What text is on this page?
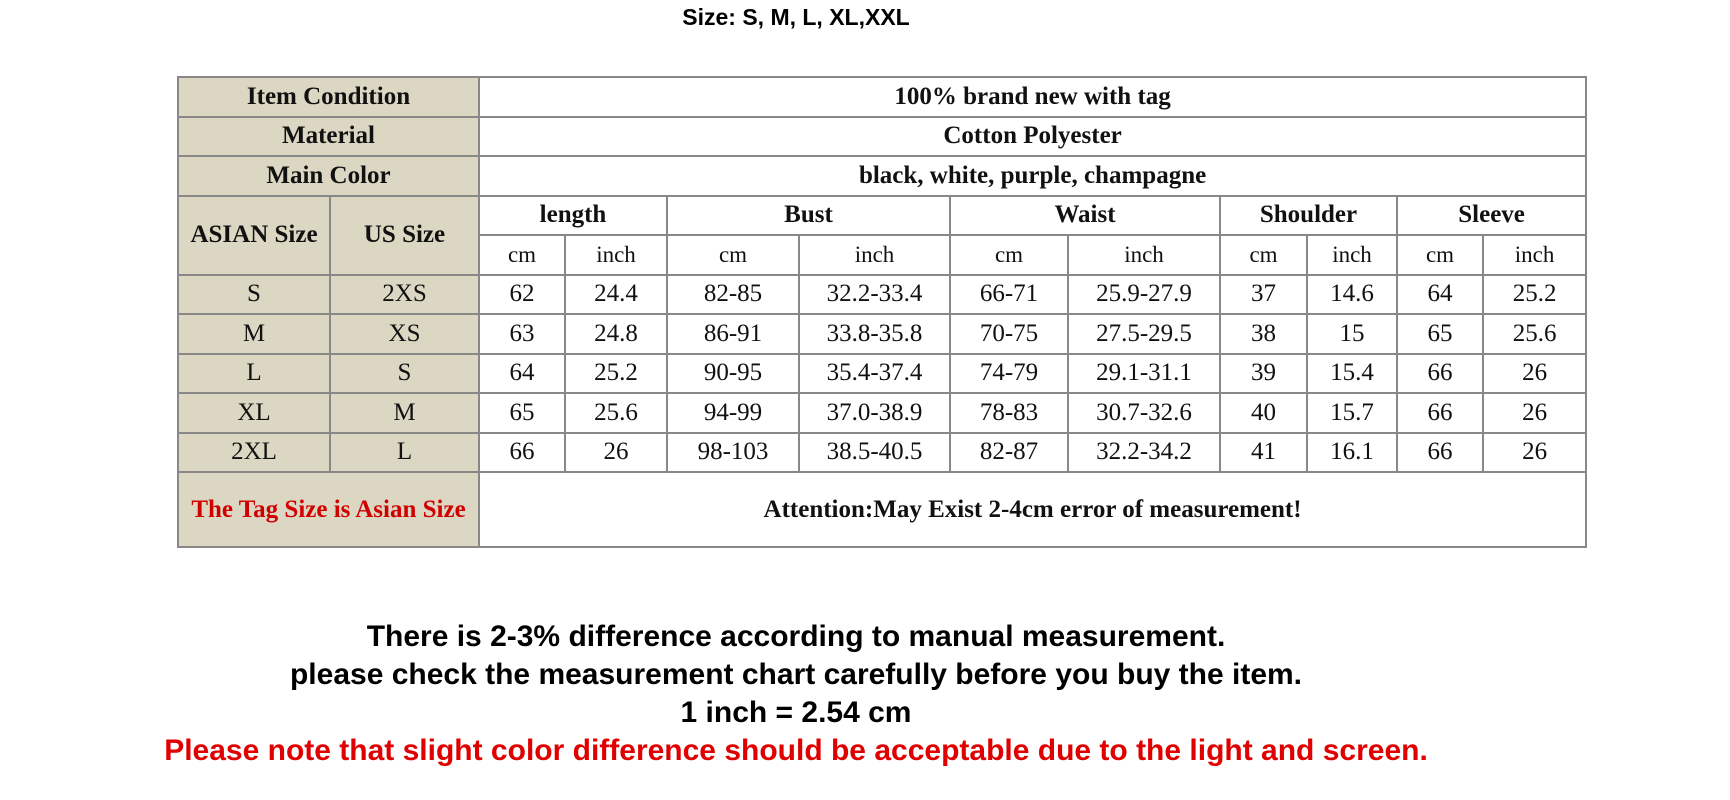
Size: S, M, L, XL,XXL
Item Condition		100% brand new with tag									
Material		Cotton Polyester									
Main Color		black, white, purple, champagne									
ASIAN Size	US Size	length		Bust		Waist		Shoulder		Sleeve	
		cm	inch	cm	inch	cm	inch	cm	inch	cm	inch
S	2XS	62	24.4	82-85	32.2-33.4	66-71	25.9-27.9	37	14.6	64	25.2
M	XS	63	24.8	86-91	33.8-35.8	70-75	27.5-29.5	38	15	65	25.6
L	S	64	25.2	90-95	35.4-37.4	74-79	29.1-31.1	39	15.4	66	26
XL	M	65	25.6	94-99	37.0-38.9	78-83	30.7-32.6	40	15.7	66	26
2XL	L	66	26	98-103	38.5-40.5	82-87	32.2-34.2	41	16.1	66	26
The Tag Size is Asian Size		Attention:May Exist 2-4cm error of measurement!									
There is 2-3% difference according to manual measurement.
please check the measurement chart carefully before you buy the item.
1 inch = 2.54 cm
Please note that slight color difference should be acceptable due to the light and screen.
